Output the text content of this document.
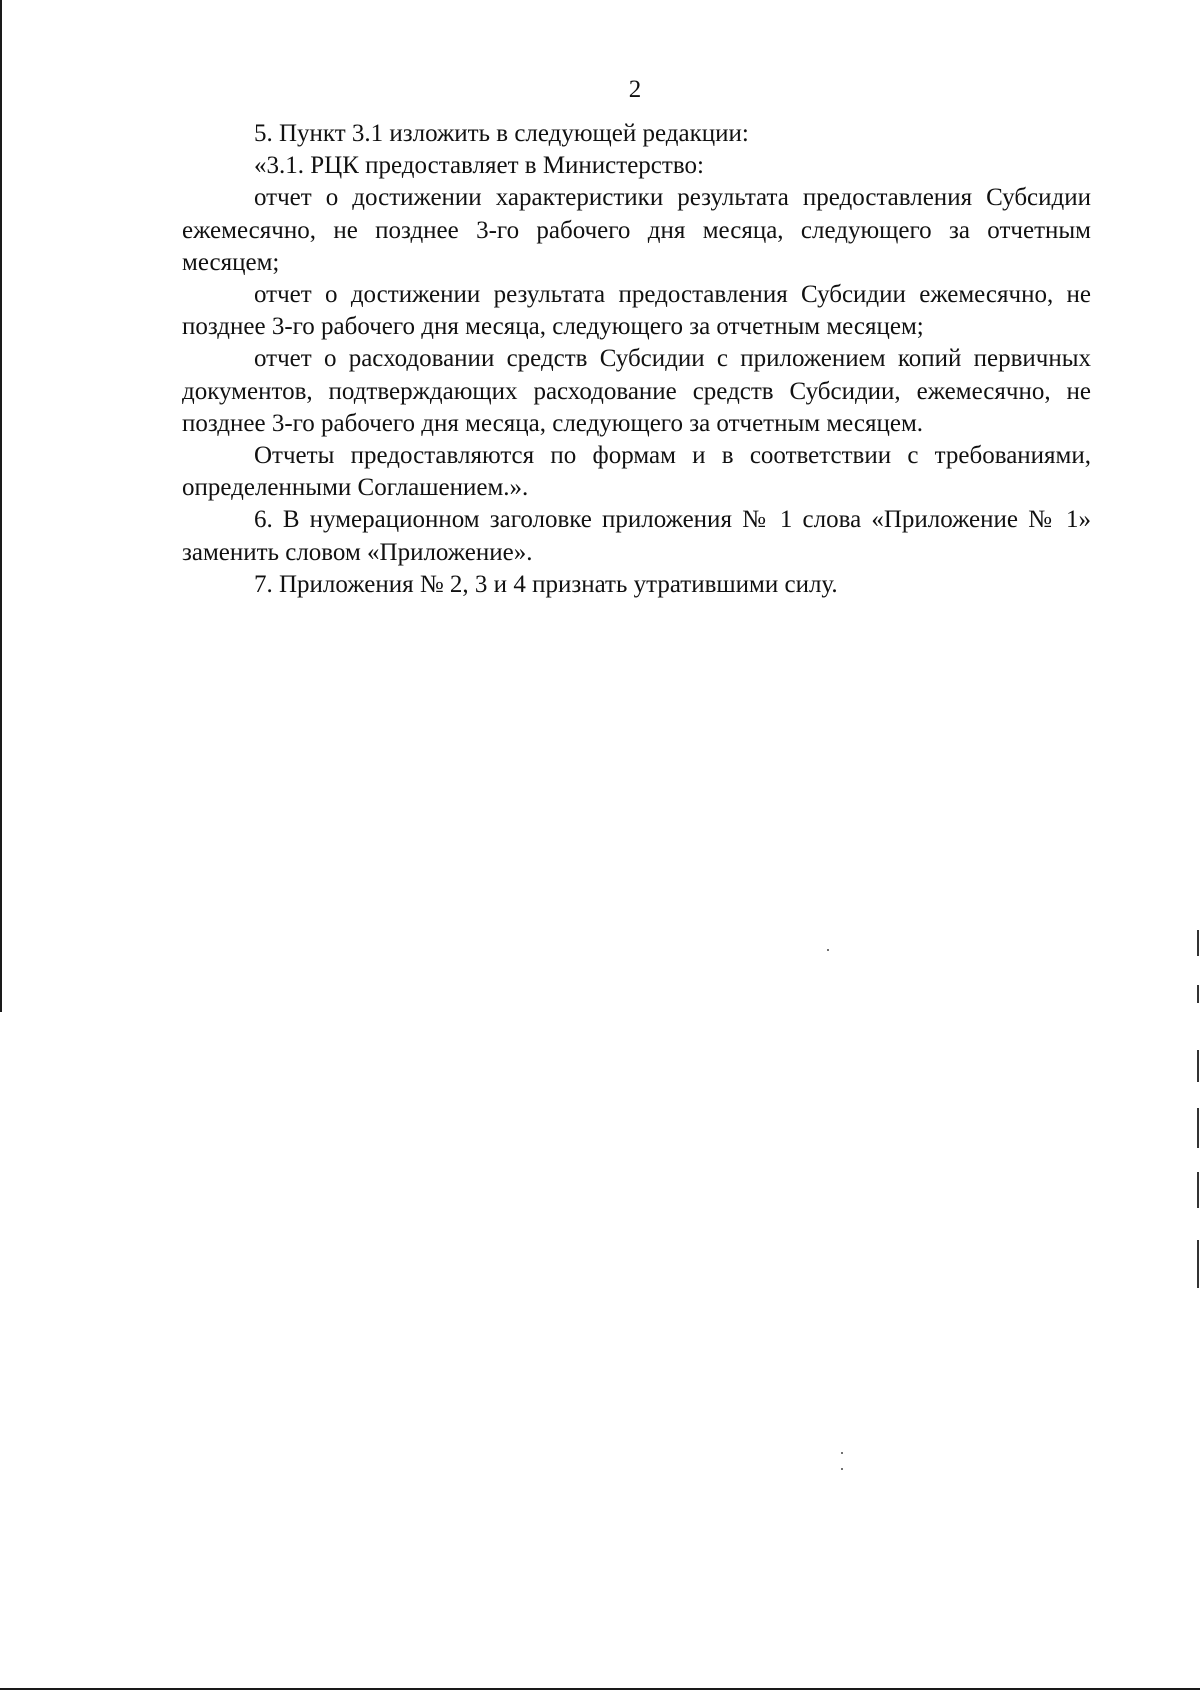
2

5. Пункт 3.1 изложить в следующей редакции:

«3.1. РЦК предоставляет в Министерство:

отчет о достижении характеристики результата предоставления Субсидии ежемесячно, не позднее 3-го рабочего дня месяца, следующего за отчетным месяцем;

отчет о достижении результата предоставления Субсидии ежемесячно, не позднее 3-го рабочего дня месяца, следующего за отчетным месяцем;

отчет о расходовании средств Субсидии с приложением копий первичных документов, подтверждающих расходование средств Субсидии, ежемесячно, не позднее 3-го рабочего дня месяца, следующего за отчетным месяцем.

Отчеты предоставляются по формам и в соответствии с требованиями, определенными Соглашением.».

6. В нумерационном заголовке приложения № 1 слова «Приложение № 1» заменить словом «Приложение».

7. Приложения № 2, 3 и 4 признать утратившими силу.
